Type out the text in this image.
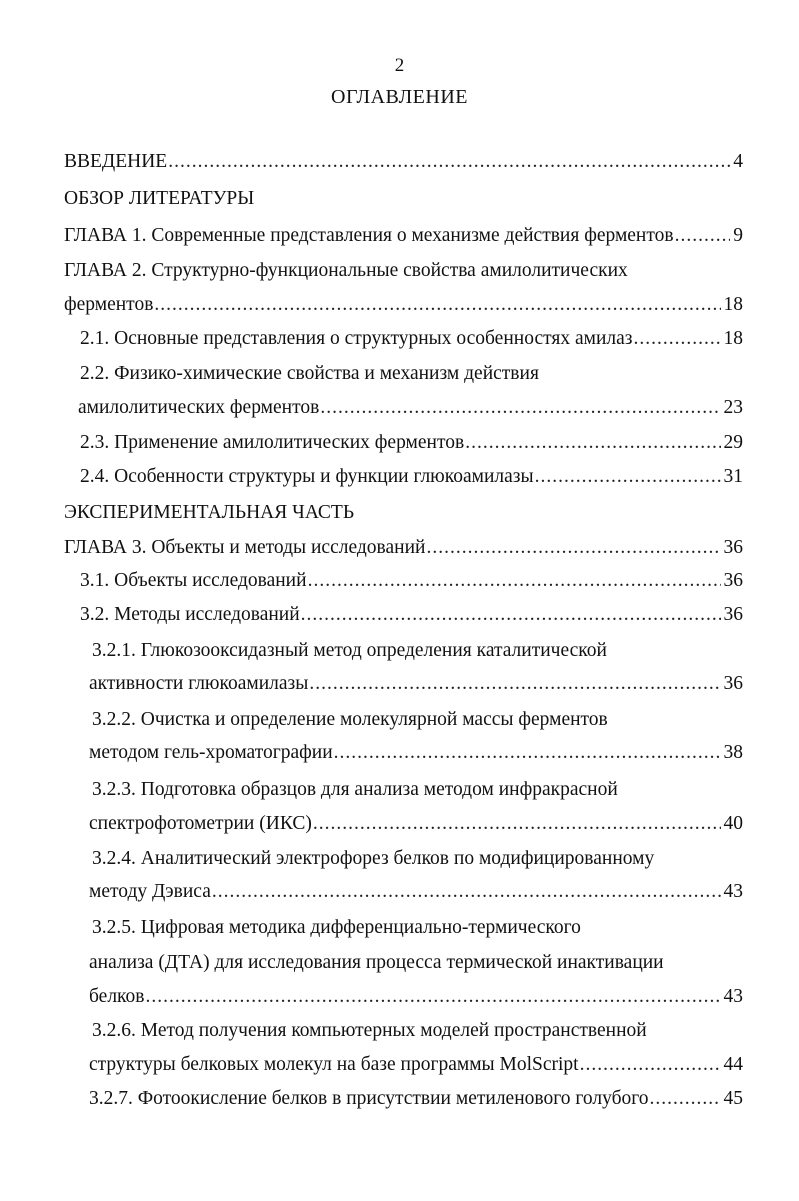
2
ОГЛАВЛЕНИЕ
ВВЕДЕНИЕ .....	4
ОБЗОР ЛИТЕРАТУРЫ
ГЛАВА 1. Современные представления о механизме действия ферментов .....	9
ГЛАВА 2. Структурно-функциональные свойства амилолитических
ферментов .....	18
2.1. Основные представления о структурных особенностях амилаз .....	18
2.2. Физико-химические свойства и механизм действия
амилолитических ферментов .....	23
2.3. Применение амилолитических ферментов .....	29
2.4. Особенности структуры и функции глюкоамилазы .....	31
ЭКСПЕРИМЕНТАЛЬНАЯ ЧАСТЬ
ГЛАВА 3. Объекты и методы исследований .....	36
3.1. Объекты исследований .....	36
3.2. Методы исследований .....	36
3.2.1. Глюкозооксидазный метод определения каталитической
активности глюкоамилазы .....	36
3.2.2. Очистка и определение молекулярной массы ферментов
методом гель-хроматографии .....	38
3.2.3. Подготовка образцов для анализа методом инфракрасной
спектрофотометрии (ИКС) .....	40
3.2.4. Аналитический электрофорез белков по модифицированному
методу Дэвиса .....	43
3.2.5. Цифровая методика дифференциально-термического
анализа (ДТА) для исследования процесса термической инактивации
белков .....	43
3.2.6. Метод получения компьютерных моделей пространственной
структуры белковых молекул на базе программы MolScript .....	44
3.2.7. Фотоокисление белков в присутствии метиленового голубого .....	45
